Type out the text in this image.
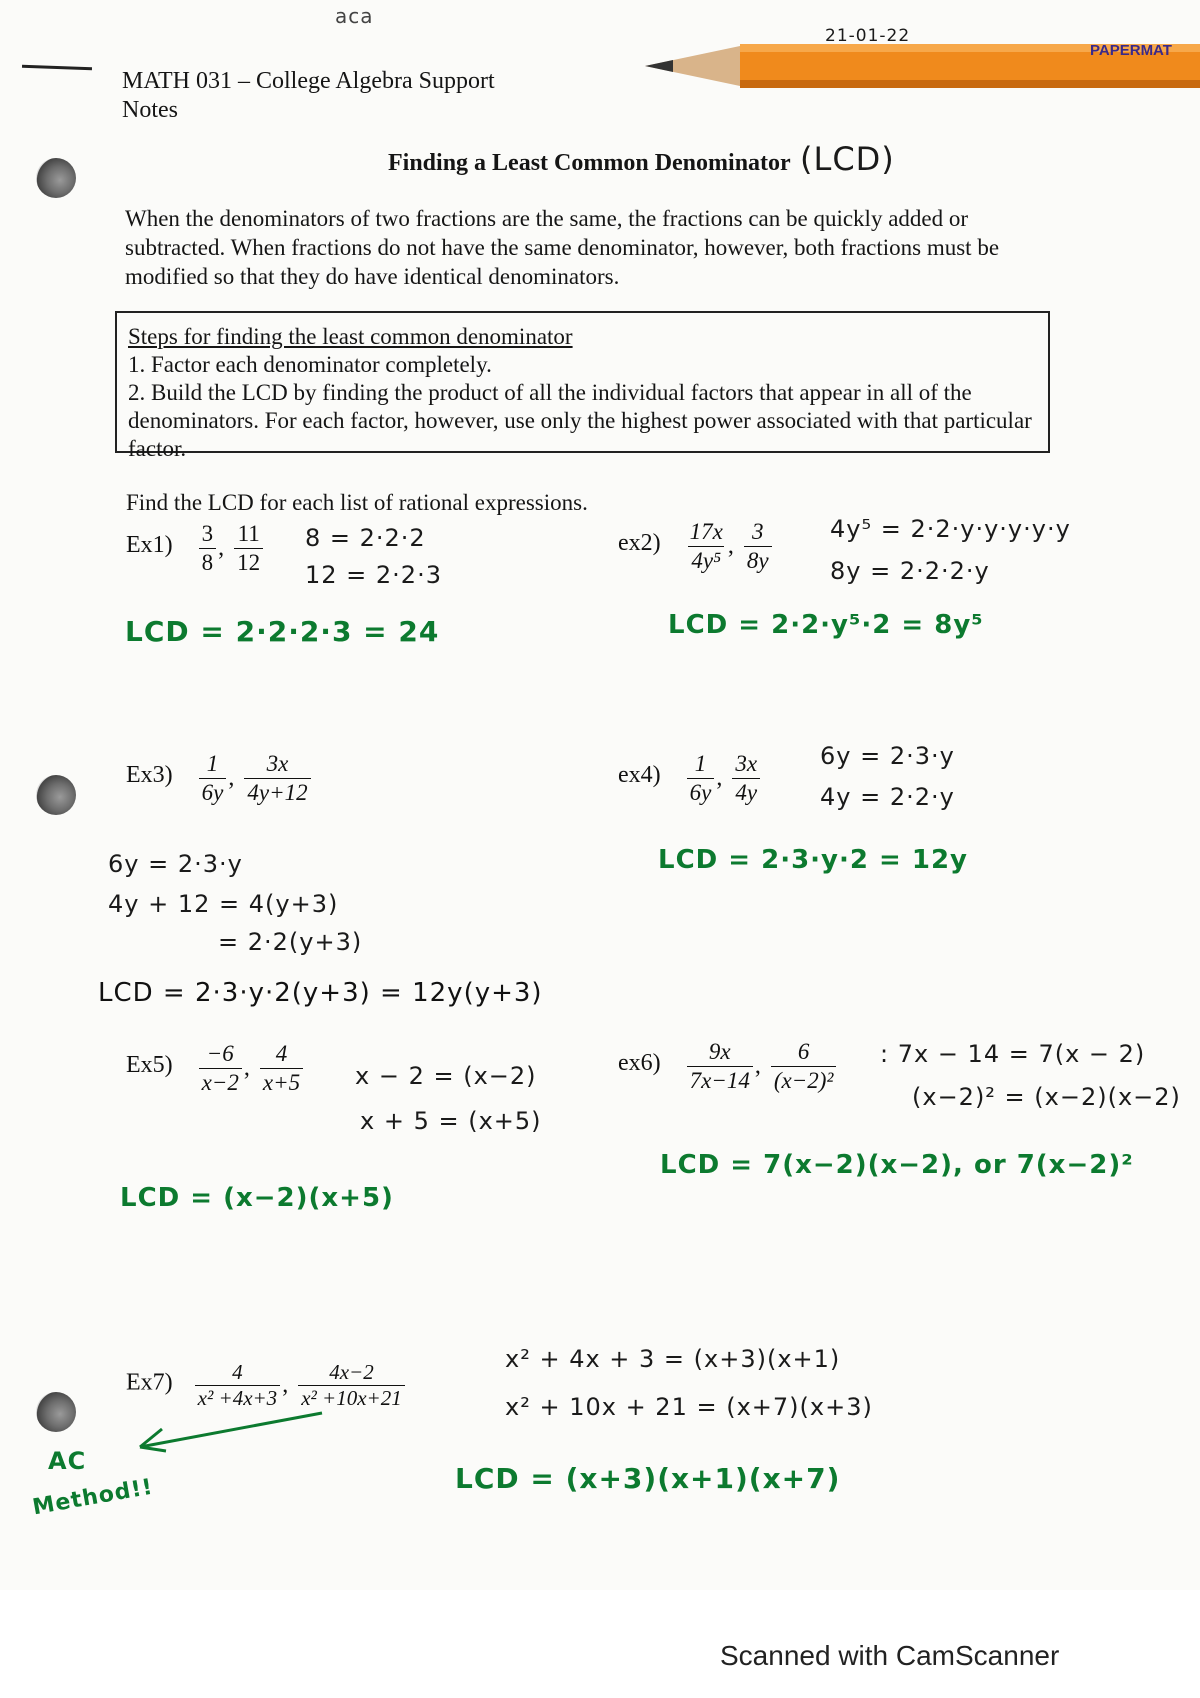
aca
21-01-22
PAPERMAT
MATH 031 – College Algebra Support
Notes
Finding a Least Common Denominator (LCD)
When the denominators of two fractions are the same, the fractions can be quickly added or subtracted. When fractions do not have the same denominator, however, both fractions must be modified so that they do have identical denominators.
Steps for finding the least common denominator
1. Factor each denominator completely.
2. Build the LCD by finding the product of all the individual factors that appear in all of the denominators. For each factor, however, use only the highest power associated with that particular factor.
Find the LCD for each list of rational expressions.
$Ex1) \frac{3}{8}$ , $\frac{11}{12} 8 = 2\cdot 2\cdot 2$
12 = 2·2·3
LCD = 2·2·2·3 = 24
$ex2) \frac{17x}{\text{4y⁵}}$ , $\frac{3}{8y} 4y^5 = 2\cdot 2\cdot y\cdot y\cdot y\cdot y\cdot y$
8y = 2·2·2·y
LCD = 2·2·y⁵·2 = 8y⁵
$Ex3) \frac{1}{6y}$ , $\frac{3x}{4y+12}$
6y = 2·3·y
4y + 12 = 4(y+3)
= 2·2(y+3)
LCD = 2·3·y·2(y+3) = 12y(y+3)
$ex4) \frac{1}{6y}$ , $\frac{3x}{4y} 6y = 2\cdot 3\cdot y$
4y = 2·2·y
LCD = 2·3·y·2 = 12y
$Ex5) \frac{-6}{x-2}$ , $\frac{4}{x+5}$ x − 2 = (x−2)
x + 5 = (x+5)
LCD = (x−2)(x+5)
$ex6) \frac{9x}{7x-14}$ , $\frac{6}{\text{(x−2)²}}$ : 7x − 14 = 7(x − 2)
(x−2)² = (x−2)(x−2)
LCD = 7(x−2)(x−2), or 7(x−2)²
$Ex7) \frac{4}{\text{x² +4x+3}}$ , $\frac{4x-2}{\text{x² +10x+21}}$
x² + 4x + 3 = (x+3)(x+1)
x² + 10x + 21 = (x+7)(x+3)
LCD = (x+3)(x+1)(x+7)
AC
Method!!
Scanned with CamScanner
